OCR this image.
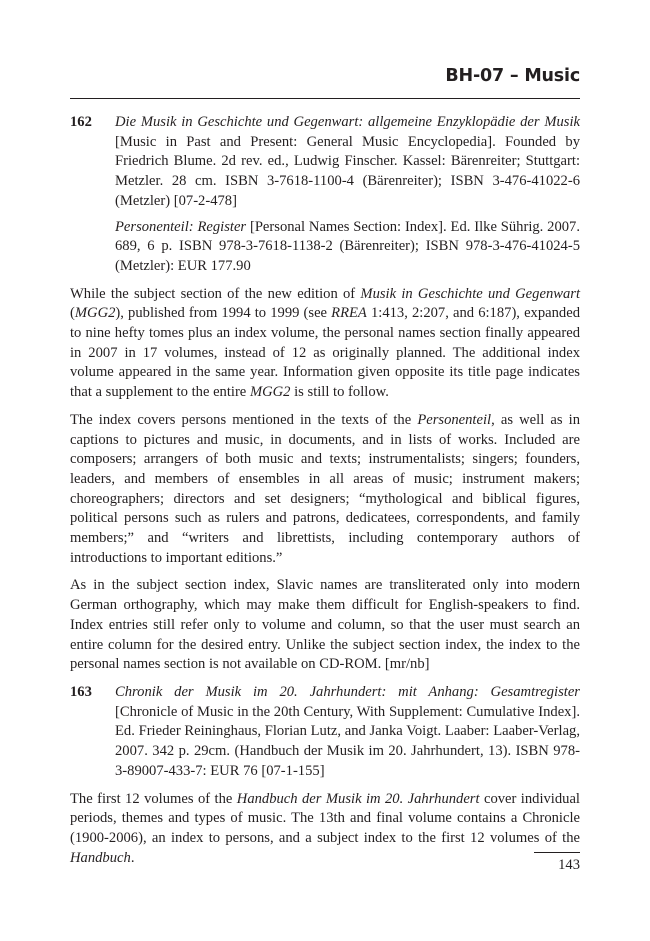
BH-07 – Music
162 Die Musik in Geschichte und Gegenwart: allgemeine Enzyklopädie der Musik [Music in Past and Present: General Music Encyclopedia]. Founded by Friedrich Blume. 2d rev. ed., Ludwig Finscher. Kassel: Bärenreiter; Stuttgart: Metzler. 28 cm. ISBN 3-7618-1100-4 (Bärenreiter); ISBN 3-476-41022-6 (Metzler) [07-2-478]

Personenteil: Register [Personal Names Section: Index]. Ed. Ilke Sührig. 2007. 689, 6 p. ISBN 978-3-7618-1138-2 (Bärenreiter); ISBN 978-3-476-41024-5 (Metzler): EUR 177.90

While the subject section of the new edition of Musik in Geschichte und Gegenwart (MGG2), published from 1994 to 1999 (see RREA 1:413, 2:207, and 6:187), expanded to nine hefty tomes plus an index volume, the personal names section finally appeared in 2007 in 17 volumes, instead of 12 as originally planned. The additional index volume appeared in the same year. Information given opposite its title page indicates that a supplement to the entire MGG2 is still to follow.

The index covers persons mentioned in the texts of the Personenteil, as well as in captions to pictures and music, in documents, and in lists of works. Included are composers; arrangers of both music and texts; instrumentalists; singers; founders, leaders, and members of ensembles in all areas of music; instrument makers; choreographers; directors and set designers; “mythological and biblical figures, political persons such as rulers and patrons, dedicatees, correspondents, and family members;” and “writers and librettists, including contemporary authors of introductions to important editions.”

As in the subject section index, Slavic names are transliterated only into modern German orthography, which may make them difficult for English-speakers to find. Index entries still refer only to volume and column, so that the user must search an entire column for the desired entry. Unlike the subject section index, the index to the personal names section is not available on CD-ROM. [mr/nb]

163 Chronik der Musik im 20. Jahrhundert: mit Anhang: Gesamtregister [Chronicle of Music in the 20th Century, With Supplement: Cumulative Index]. Ed. Frieder Reininghaus, Florian Lutz, and Janka Voigt. Laaber: Laaber-Verlag, 2007. 342 p. 29cm. (Handbuch der Musik im 20. Jahrhundert, 13). ISBN 978-3-89007-433-7: EUR 76 [07-1-155]

The first 12 volumes of the Handbuch der Musik im 20. Jahrhundert cover individual periods, themes and types of music. The 13th and final volume contains a Chronicle (1900-2006), an index to persons, and a subject index to the first 12 volumes of the Handbuch.	143
